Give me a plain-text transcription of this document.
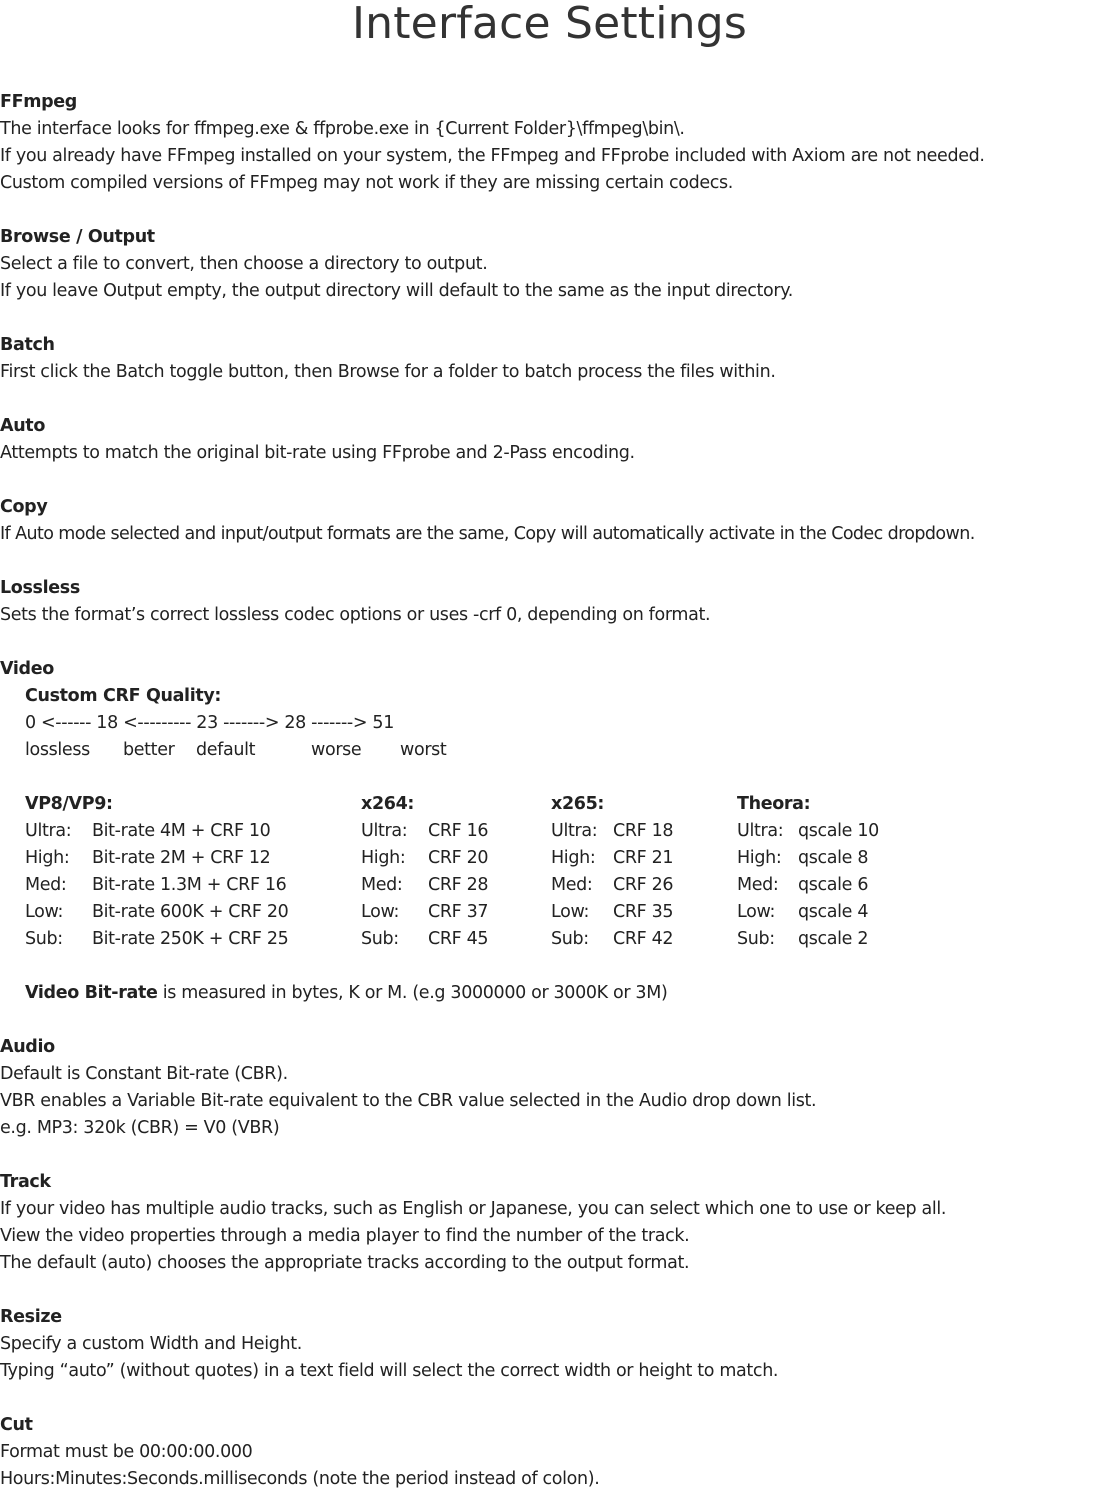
Interface Settings
FFmpeg
The interface looks for ffmpeg.exe & ffprobe.exe in {Current Folder}\ffmpeg\bin\.
If you already have FFmpeg installed on your system, the FFmpeg and FFprobe included with Axiom are not needed.
Custom compiled versions of FFmpeg may not work if they are missing certain codecs.
Browse / Output
Select a file to convert, then choose a directory to output.
If you leave Output empty, the output directory will default to the same as the input directory.
Batch
First click the Batch toggle button, then Browse for a folder to batch process the files within.
Auto
Attempts to match the original bit-rate using FFprobe and 2-Pass encoding.
Copy
If Auto mode selected and input/output formats are the same, Copy will automatically activate in the Codec dropdown.
Lossless
Sets the format’s correct lossless codec options or uses -crf 0, depending on format.
Video
Custom CRF Quality:
0 <------ 18 <--------- 23 -------> 28 -------> 51
lossless better default	worse worst
VP8/VP9:
Ultra: Bit-rate 4M + CRF 10
High: Bit-rate 2M + CRF 12
Med: Bit-rate 1.3M + CRF 16
Low: Bit-rate 600K + CRF 20
Sub: Bit-rate 250K + CRF 25
x264:
Ultra: CRF 16
High: CRF 20
Med: CRF 28
Low: CRF 37
Sub: CRF 45
x265:
Ultra: CRF 18
High: CRF 21
Med: CRF 26
Low: CRF 35
Sub: CRF 42
Theora:
Ultra: qscale 10
High: qscale 8
Med: qscale 6
Low: qscale 4
Sub: qscale 2
Video Bit-rate is measured in bytes, K or M. (e.g 3000000 or 3000K or 3M)
Audio
Default is Constant Bit-rate (CBR).
VBR enables a Variable Bit-rate equivalent to the CBR value selected in the Audio drop down list.
e.g. MP3: 320k (CBR) = V0 (VBR)
Track
If your video has multiple audio tracks, such as English or Japanese, you can select which one to use or keep all.
View the video properties through a media player to find the number of the track.
The default (auto) chooses the appropriate tracks according to the output format.
Resize
Specify a custom Width and Height.
Typing “auto” (without quotes) in a text field will select the correct width or height to match.
Cut
Format must be 00:00:00.000
Hours:Minutes:Seconds.milliseconds (note the period instead of colon).
